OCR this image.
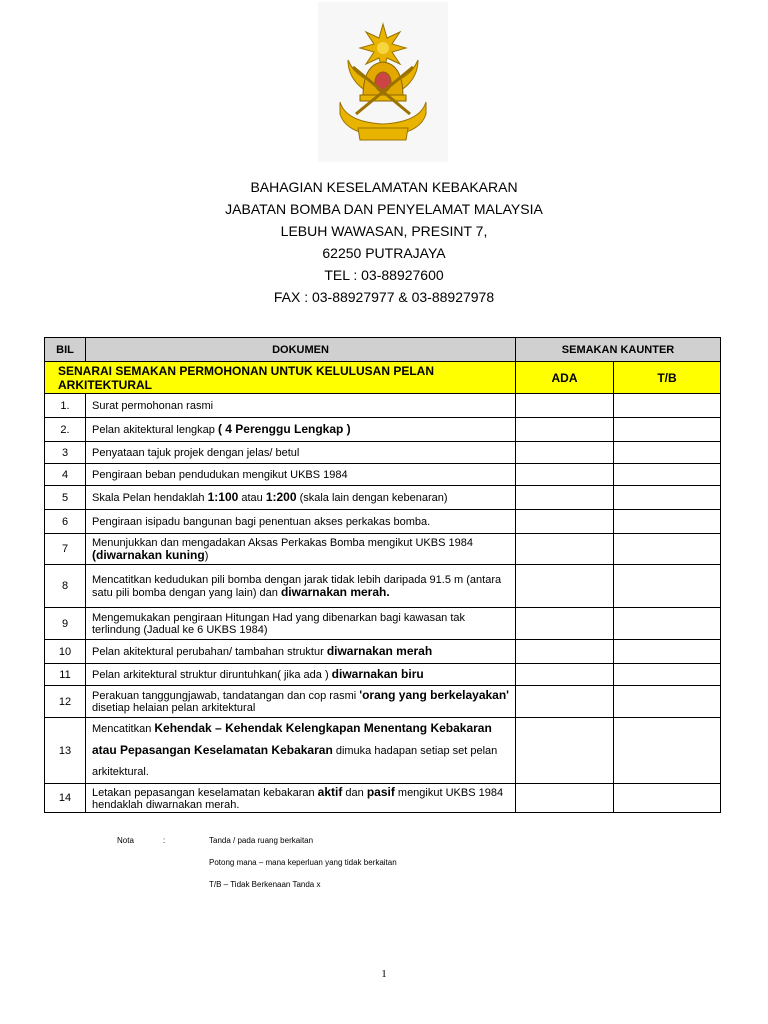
BAHAGIAN KESELAMATAN KEBAKARAN
JABATAN BOMBA DAN PENYELAMAT MALAYSIA
LEBUH WAWASAN, PRESINT 7,
62250 PUTRAJAYA
TEL : 03-88927600
FAX : 03-88927977 & 03-88927978
BIL	DOKUMEN	SEMAKAN KAUNTER	
SENARAI SEMAKAN PERMOHONAN UNTUK KELULUSAN PELAN ARKITEKTURAL		ADA	T/B
1.	Surat permohonan rasmi		
2.	Pelan akitektural lengkap ( 4 Perenggu Lengkap )		
3	Penyataan tajuk projek dengan jelas/ betul		
4	Pengiraan beban pendudukan mengikut UKBS 1984		
5	Skala Pelan hendaklah 1:100 atau 1:200 (skala lain dengan kebenaran)		
6	Pengiraan isipadu bangunan bagi penentuan akses perkakas bomba.		
7	Menunjukkan dan mengadakan Aksas Perkakas Bomba mengikut UKBS 1984 (diwarnakan kuning)		
8	Mencatitkan kedudukan pili bomba dengan jarak tidak lebih daripada 91.5 m (antara satu pili bomba dengan yang lain) dan diwarnakan merah.		
9	Mengemukakan pengiraan Hitungan Had yang dibenarkan bagi kawasan tak terlindung (Jadual ke 6 UKBS 1984)		
10	Pelan akitektural perubahan/ tambahan struktur diwarnakan merah		
11	Pelan arkitektural struktur diruntuhkan( jika ada ) diwarnakan biru		
12	Perakuan tanggungjawab, tandatangan dan cop rasmi 'orang yang berkelayakan' disetiap helaian pelan arkitektural		
13	Mencatitkan Kehendak – Kehendak Kelengkapan Menentang Kebakaran atau Pepasangan Keselamatan Kebakaran dimuka hadapan setiap set pelan arkitektural.		
14	Letakan pepasangan keselamatan kebakaran aktif dan pasif mengikut UKBS 1984 hendaklah diwarnakan merah.		
Nota	:	Tanda / pada ruang berkaitan
Potong mana – mana keperluan yang tidak berkaitan
T/B – Tidak Berkenaan Tanda x
1
